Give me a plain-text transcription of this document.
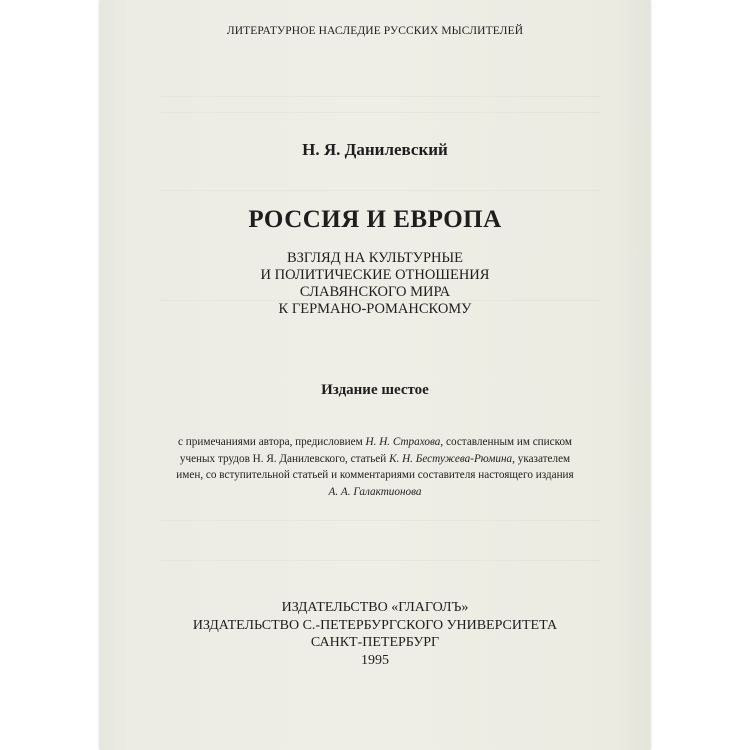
ЛИТЕРАТУРНОЕ НАСЛЕДИЕ РУССКИХ МЫСЛИТЕЛЕЙ
Н. Я. Данилевский
РОССИЯ И ЕВРОПА
ВЗГЛЯД НА КУЛЬТУРНЫЕ
И ПОЛИТИЧЕСКИЕ ОТНОШЕНИЯ
СЛАВЯНСКОГО МИРА
К ГЕРМАНО-РОМАНСКОМУ
Издание шестое
с примечаниями автора, предисловием Н. Н. Страхова, составленным им списком
ученых трудов Н. Я. Данилевского, статьей К. Н. Бестужева-Рюмина, указателем
имен, со вступительной статьей и комментариями составителя настоящего издания
А. А. Галактионова
ИЗДАТЕЛЬСТВО «ГЛАГОЛЪ»
ИЗДАТЕЛЬСТВО С.-ПЕТЕРБУРГСКОГО УНИВЕРСИТЕТА
САНКТ-ПЕТЕРБУРГ
1995
